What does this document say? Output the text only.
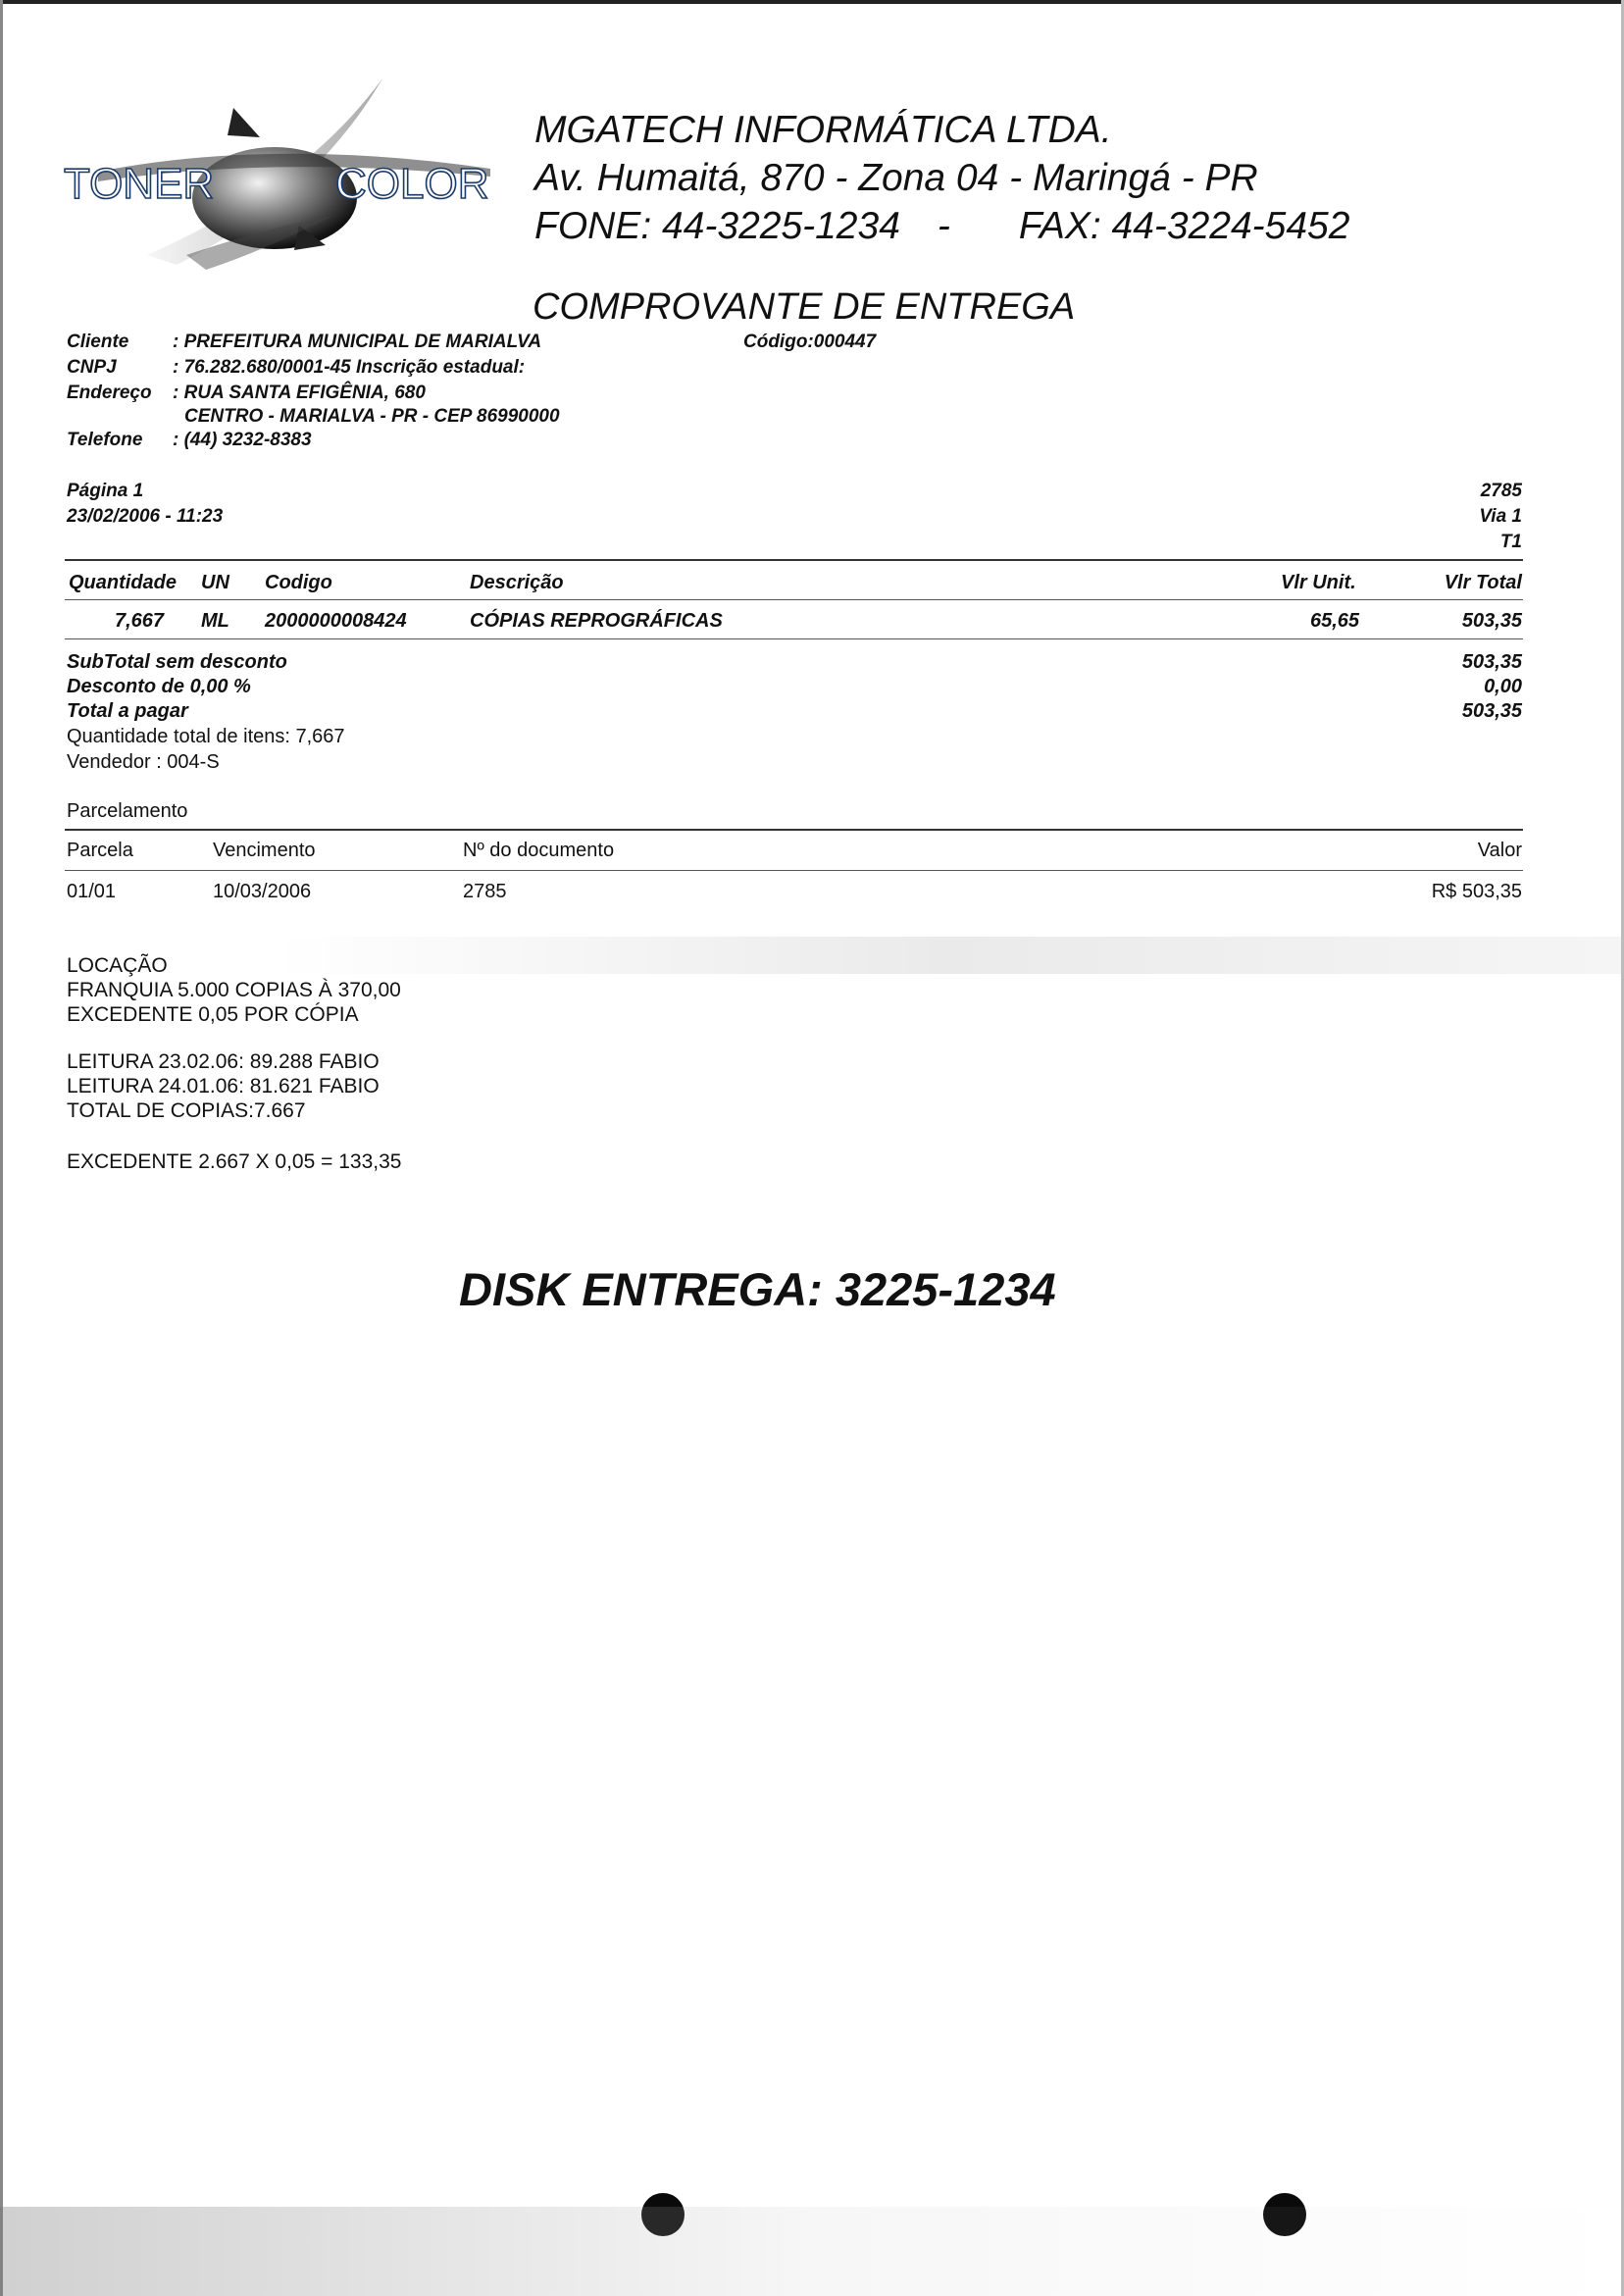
TONER	COLOR
MGATECH INFORMÁTICA LTDA.
Av. Humaitá, 870 - Zona 04 - Maringá - PR
FONE: 44-3225-1234 - FAX: 44-3224-5452
COMPROVANTE DE ENTREGA
Cliente : PREFEITURA MUNICIPAL DE MARIALVA	Código:000447
CNPJ	: 76.282.680/0001-45 Inscrição estadual:
Endereço : RUA SANTA EFIGÊNIA, 680
CENTRO - MARIALVA - PR - CEP 86990000
Telefone : (44) 3232-8383
Página 1
23/02/2006 - 11:23
2785
Via 1
T1
Quantidade UN Codigo	Descrição	Vlr Unit.	Vlr Total
7,667 ML 2000000008424	CÓPIAS REPROGRÁFICAS	65,65	503,35
SubTotal sem desconto	503,35
Desconto de 0,00 %	0,00
Total a pagar	503,35
Quantidade total de itens: 7,667
Vendedor : 004-S
Parcelamento
Parcela	Vencimento	Nº do documento	Valor
01/01	10/03/2006	2785	R$ 503,35
LOCAÇÃO
FRANQUIA 5.000 COPIAS À 370,00
EXCEDENTE 0,05 POR CÓPIA
LEITURA 23.02.06: 89.288 FABIO
LEITURA 24.01.06: 81.621 FABIO
TOTAL DE COPIAS:7.667
EXCEDENTE 2.667 X 0,05 = 133,35
DISK ENTREGA: 3225-1234
